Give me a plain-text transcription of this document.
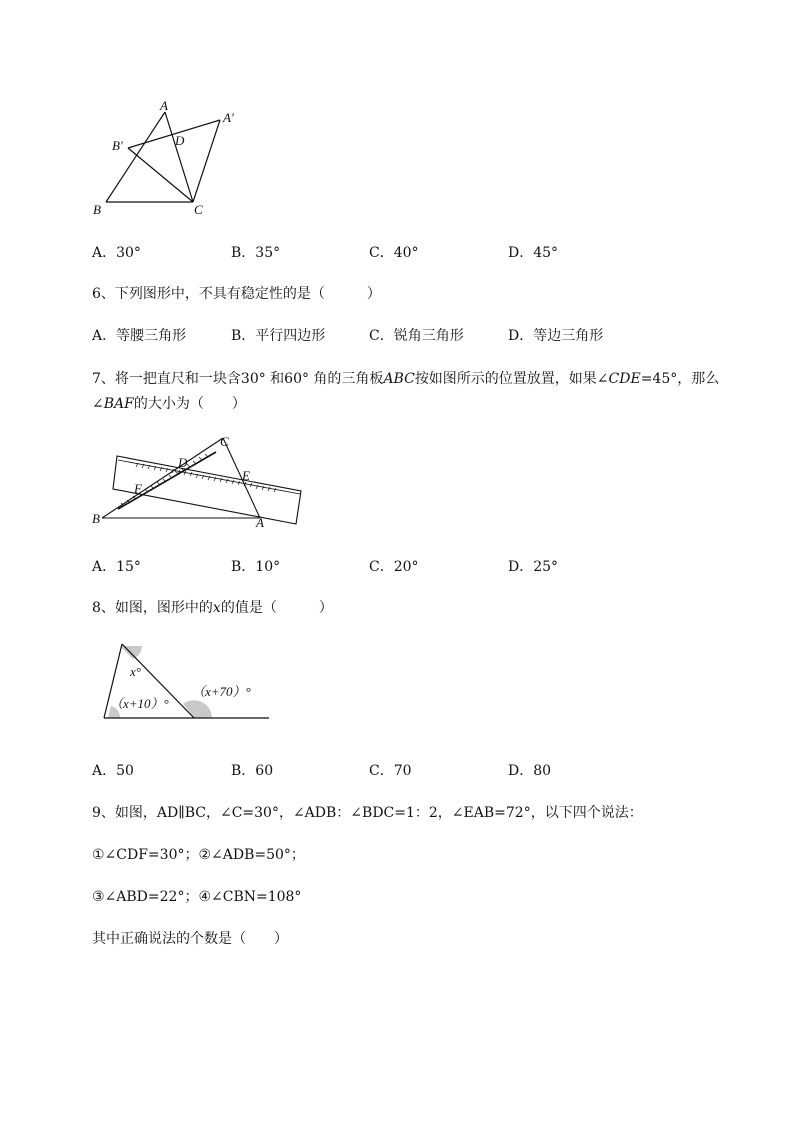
A
A′
B′	D
B	C
A．30°	B．35°	C．40°	D．45°
6、下列图形中，不具有稳定性的是（　　　）
A．等腰三角形	B．平行四边形	C．锐角三角形	D．等边三角形
7、将一把直尺和一块含30° 和60° 角的三角板ABC按如图所示的位置放置，如果∠CDE=45°，那么
∠BAF的大小为（　　）
C
D
E
F
B	A
A．15°	B．10°	C．20°	D．25°
8、如图，图形中的x的值是（　　　）
x°
（x+10）°
（x+70）°
A．50	B．60	C．70	D．80
9、如图，AD∥BC，∠C=30°，∠ADB：∠BDC=1：2，∠EAB=72°，以下四个说法：
①∠CDF=30°；②∠ADB=50°；
③∠ABD=22°；④∠CBN=108°
其中正确说法的个数是（　　）
